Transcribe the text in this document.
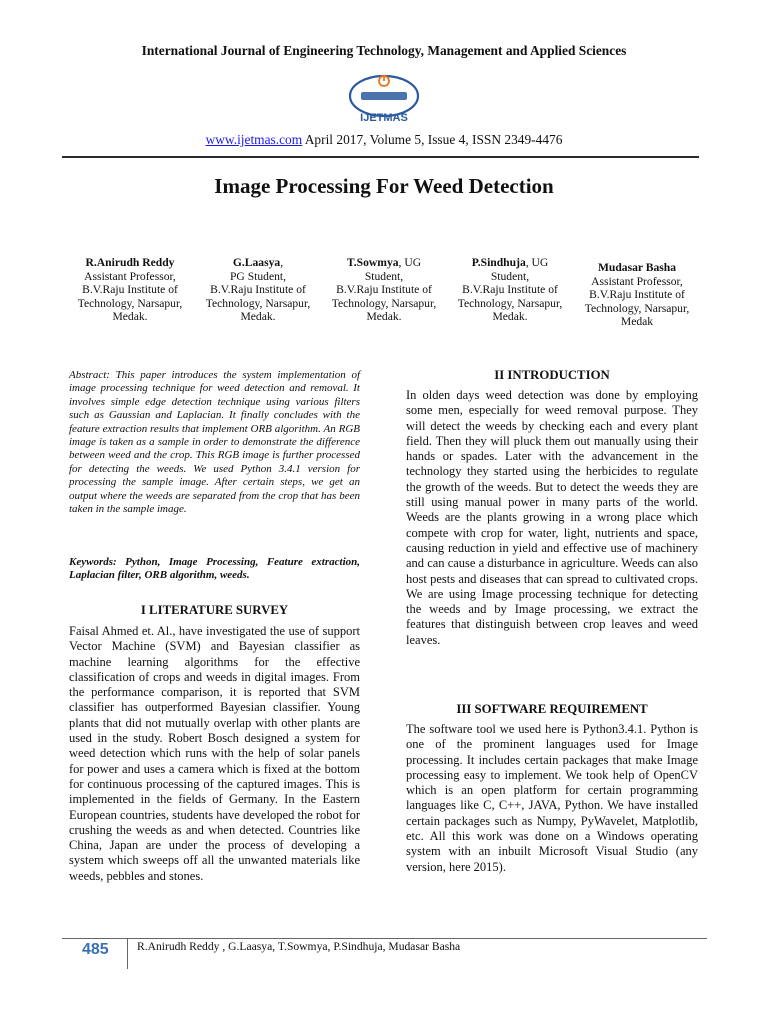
International Journal of Engineering Technology, Management and Applied Sciences
IJETMAS
www.ijetmas.com April 2017, Volume 5, Issue 4, ISSN 2349-4476
Image Processing For Weed Detection
R.Anirudh Reddy
Assistant Professor,
B.V.Raju Institute of
Technology, Narsapur,
Medak.
G.Laasya,
PG Student,
B.V.Raju Institute of
Technology, Narsapur,
Medak.
T.Sowmya, UG
Student,
B.V.Raju Institute of
Technology, Narsapur,
Medak.
P.Sindhuja, UG
Student,
B.V.Raju Institute of
Technology, Narsapur,
Medak.
Mudasar Basha
Assistant Professor,
B.V.Raju Institute of
Technology, Narsapur,
Medak
Abstract: This paper introduces the system implementation of image processing technique for weed detection and removal. It involves simple edge detection technique using various filters such as Gaussian and Laplacian. It finally concludes with the feature extraction results that implement ORB algorithm. An RGB image is taken as a sample in order to demonstrate the difference between weed and the crop. This RGB image is further processed for detecting the weeds. We used Python 3.4.1 version for processing the sample image. After certain steps, we get an output where the weeds are separated from the crop that has been taken in the sample image.
Keywords: Python, Image Processing, Feature extraction, Laplacian filter, ORB algorithm, weeds.
I LITERATURE SURVEY
Faisal Ahmed et. Al., have investigated the use of support Vector Machine (SVM) and Bayesian classifier as machine learning algorithms for the effective classification of crops and weeds in digital images. From the performance comparison, it is reported that SVM classifier has outperformed Bayesian classifier. Young plants that did not mutually overlap with other plants are used in the study. Robert Bosch designed a system for weed detection which runs with the help of solar panels for power and uses a camera which is fixed at the bottom for continuous processing of the captured images. This is implemented in the fields of Germany. In the Eastern European countries, students have developed the robot for crushing the weeds as and when detected. Countries like China, Japan are under the process of developing a system which sweeps off all the unwanted materials like weeds, pebbles and stones.
II INTRODUCTION
In olden days weed detection was done by employing some men, especially for weed removal purpose. They will detect the weeds by checking each and every plant field. Then they will pluck them out manually using their hands or spades. Later with the advancement in the technology they started using the herbicides to regulate the growth of the weeds. But to detect the weeds they are still using manual power in many parts of the world. Weeds are the plants growing in a wrong place which compete with crop for water, light, nutrients and space, causing reduction in yield and effective use of machinery and can cause a disturbance in agriculture. Weeds can also host pests and diseases that can spread to cultivated crops. We are using Image processing technique for detecting the weeds and by Image processing, we extract the features that distinguish between crop leaves and weed leaves.
III SOFTWARE REQUIREMENT
The software tool we used here is Python3.4.1. Python is one of the prominent languages used for Image processing. It includes certain packages that make Image processing easy to implement. We took help of OpenCV which is an open platform for certain programming languages like C, C++, JAVA, Python. We have installed certain packages such as Numpy, PyWavelet, Matplotlib, etc. All this work was done on a Windows operating system with an inbuilt Microsoft Visual Studio (any version, here 2015).
485 R.Anirudh Reddy , G.Laasya, T.Sowmya, P.Sindhuja, Mudasar Basha
